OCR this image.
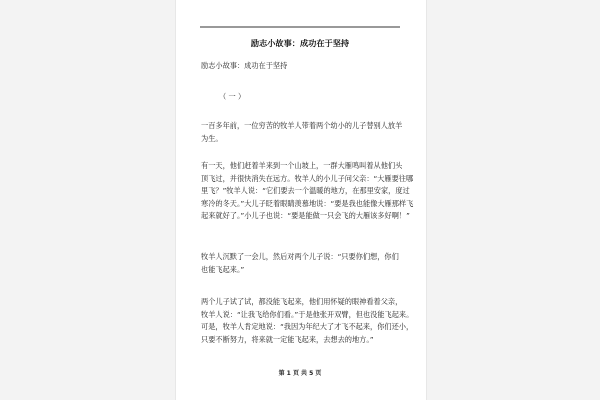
励志小故事：成功在于坚持
励志小故事：成功在于坚持
（ 一 ）
一百多年前，一位穷苦的牧羊人带着两个幼小的儿子替别人放羊
为生。
有一天，他们赶着羊来到一个山坡上，一群大雁鸣叫着从他们头
顶飞过，并很快消失在远方。牧羊人的小儿子问父亲：“大雁要往哪
里飞？”牧羊人说：“它们要去一个温暖的地方，在那里安家，度过
寒冷的冬天。”大儿子眨着眼睛羡慕地说：“要是我也能像大雁那样飞
起来就好了。”小儿子也说：“要是能做一只会飞的大雁该多好啊！”
牧羊人沉默了一会儿，然后对两个儿子说：“只要你们想，你们
也能飞起来。”
两个儿子试了试，都没能飞起来，他们用怀疑的眼神看着父亲，
牧羊人说：“让我飞给你们看。”于是他张开双臂，但也没能飞起来。
可是，牧羊人肯定地说：“我因为年纪大了才飞不起来，你们还小，
只要不断努力，将来就一定能飞起来，去想去的地方。”
第 1 页 共 5 页
